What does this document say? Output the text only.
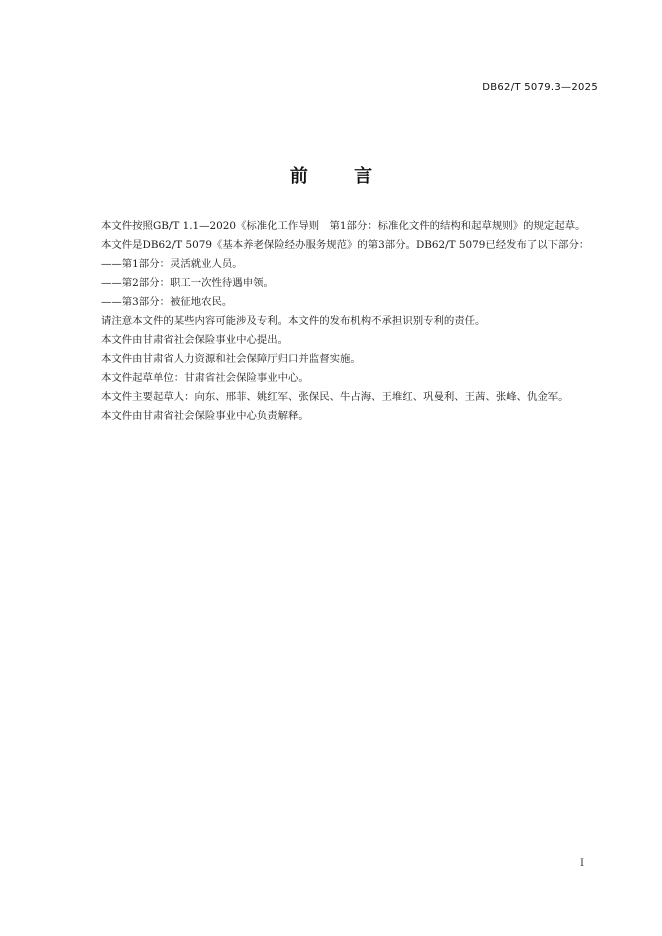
DB62/T 5079.3—2025
前 言

本文件按照GB/T 1.1—2020《标准化工作导则　第1部分：标准化文件的结构和起草规则》的规定起草。

本文件是DB62/T 5079《基本养老保险经办服务规范》的第3部分。DB62/T 5079已经发布了以下部分：

——第1部分：灵活就业人员。

——第2部分：职工一次性待遇申领。

——第3部分：被征地农民。

请注意本文件的某些内容可能涉及专利。本文件的发布机构不承担识别专利的责任。

本文件由甘肃省社会保险事业中心提出。

本文件由甘肃省人力资源和社会保障厅归口并监督实施。

本文件起草单位：甘肃省社会保险事业中心。

本文件主要起草人：向东、邢菲、姚红军、张保民、牛占海、王堆红、巩曼利、王茜、张峰、仇金军。

本文件由甘肃省社会保险事业中心负责解释。

I
